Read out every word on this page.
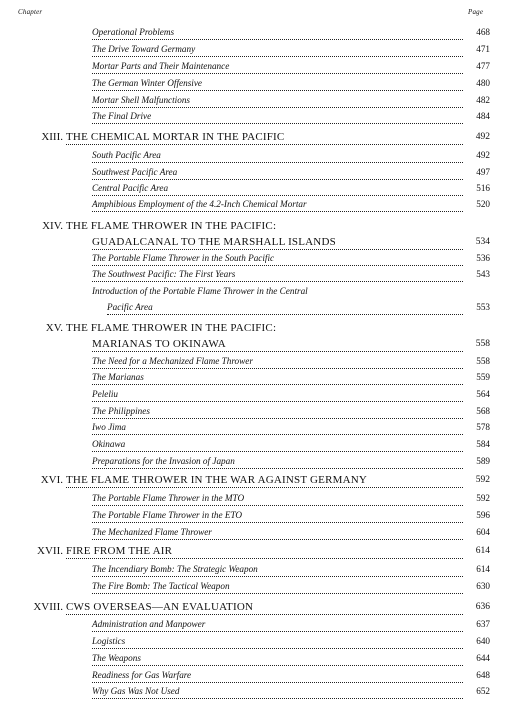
Chapter	Page
Operational Problems	468
The Drive Toward Germany	471
Mortar Parts and Their Maintenance	477
The German Winter Offensive	480
Mortar Shell Malfunctions	482
The Final Drive	484
XIII. THE CHEMICAL MORTAR IN THE PACIFIC	492
South Pacific Area	492
Southwest Pacific Area	497
Central Pacific Area	516
Amphibious Employment of the 4.2-Inch Chemical Mortar	520
XIV. THE FLAME THROWER IN THE PACIFIC:
GUADALCANAL TO THE MARSHALL ISLANDS	534
The Portable Flame Thrower in the South Pacific	536
The Southwest Pacific: The First Years	543
Introduction of the Portable Flame Thrower in the Central
Pacific Area	553
XV. THE FLAME THROWER IN THE PACIFIC:
MARIANAS TO OKINAWA	558
The Need for a Mechanized Flame Thrower	558
The Marianas	559
Peleliu	564
The Philippines	568
Iwo Jima	578
Okinawa	584
Preparations for the Invasion of Japan	589
XVI. THE FLAME THROWER IN THE WAR AGAINST GERMANY	592
The Portable Flame Thrower in the MTO	592
The Portable Flame Thrower in the ETO	596
The Mechanized Flame Thrower	604
XVII. FIRE FROM THE AIR	614
The Incendiary Bomb: The Strategic Weapon	614
The Fire Bomb: The Tactical Weapon	630
XVIII. CWS OVERSEAS—AN EVALUATION	636
Administration and Manpower	637
Logistics	640
The Weapons	644
Readiness for Gas Warfare	648
Why Gas Was Not Used	652
